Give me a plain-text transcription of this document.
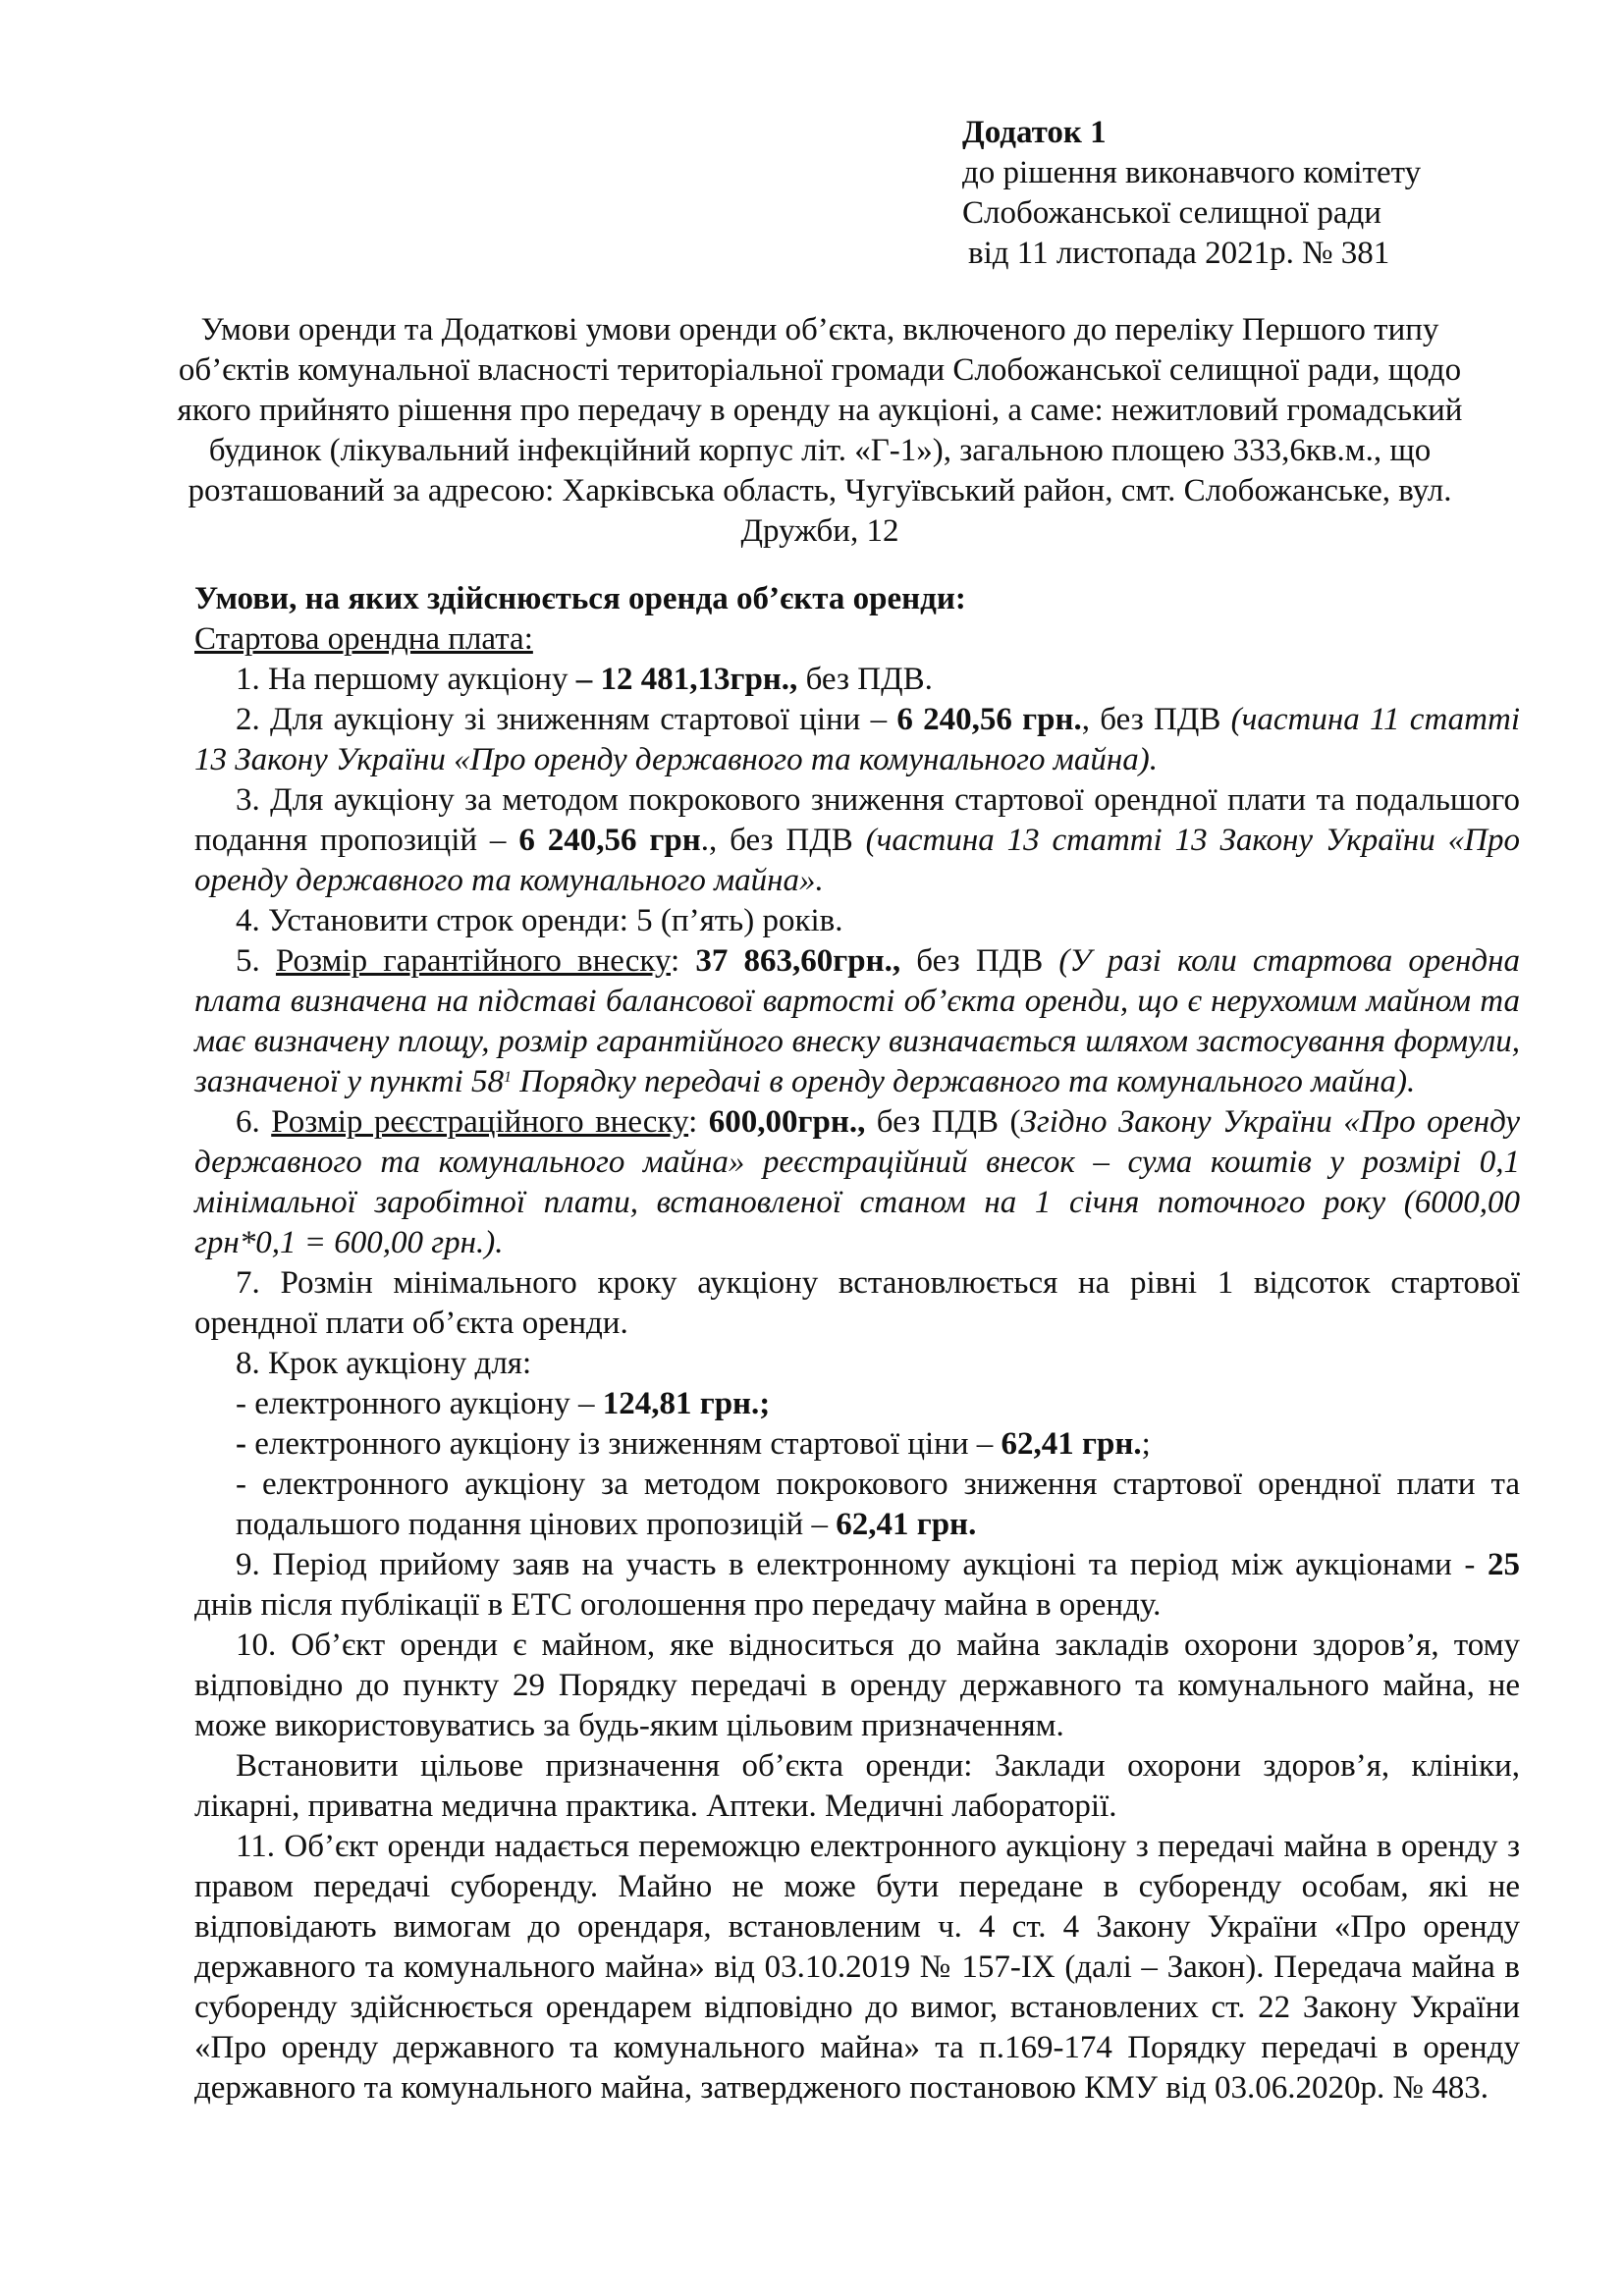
Додаток 1
до рішення виконавчого комітету
Слобожанської селищної ради
від 11 листопада 2021р. № 381
Умови оренди та Додаткові умови оренди об’єкта, включеного до переліку Першого типу об’єктів комунальної власності територіальної громади Слобожанської селищної ради, щодо якого прийнято рішення про передачу в оренду на аукціоні, а саме: нежитловий громадський будинок (лікувальний інфекційний корпус літ. «Г-1»), загальною площею 333,6кв.м., що розташований за адресою: Харківська область, Чугуївський район, смт. Слобожанське, вул. Дружби, 12

Умови, на яких здійснюється оренда об’єкта оренди:

Стартова орендна плата:

1. На першому аукціону – 12 481,13грн., без ПДВ.

2. Для аукціону зі зниженням стартової ціни – 6 240,56 грн., без ПДВ (частина 11 статті 13 Закону України «Про оренду державного та комунального майна).

3. Для аукціону за методом покрокового зниження стартової орендної плати та подальшого подання пропозицій – 6 240,56 грн., без ПДВ (частина 13 статті 13 Закону України «Про оренду державного та комунального майна».

4. Установити строк оренди: 5 (п’ять) років.

5. Розмір гарантійного внеску: 37 863,60грн., без ПДВ (У разі коли стартова орендна плата визначена на підставі балансової вартості об’єкта оренди, що є нерухомим майном та має визначену площу, розмір гарантійного внеску визначається шляхом застосування формули, зазначеної у пункті $58^1$ Порядку передачі в оренду державного та комунального майна).

6. Розмір реєстраційного внеску: 600,00грн., без ПДВ (Згідно Закону України «Про оренду державного та комунального майна» реєстраційний внесок – сума коштів у розмірі 0,1 мінімальної заробітної плати, встановленої станом на 1 січня поточного року (6000,00 грн*0,1 = 600,00 грн.).

7. Розмін мінімального кроку аукціону встановлюється на рівні 1 відсоток стартової орендної плати об’єкта оренди.

8. Крок аукціону для:

- електронного аукціону – 124,81 грн.;

- електронного аукціону із зниженням стартової ціни – 62,41 грн.;

- електронного аукціону за методом покрокового зниження стартової орендної плати та подальшого подання цінових пропозицій – 62,41 грн.

9. Період прийому заяв на участь в електронному аукціоні та період між аукціонами - 25 днів після публікації в ЕТС оголошення про передачу майна в оренду.

10. Об’єкт оренди є майном, яке відноситься до майна закладів охорони здоров’я, тому відповідно до пункту 29 Порядку передачі в оренду державного та комунального майна, не може використовуватись за будь-яким цільовим призначенням.

Встановити цільове призначення об’єкта оренди: Заклади охорони здоров’я, клініки, лікарні, приватна медична практика. Аптеки. Медичні лабораторії.

11. Об’єкт оренди надається переможцю електронного аукціону з передачі майна в оренду з правом передачі суборенду. Майно не може бути передане в суборенду особам, які не відповідають вимогам до орендаря, встановленим ч. 4 ст. 4 Закону України «Про оренду державного та комунального майна» від 03.10.2019 № 157-IX (далі – Закон). Передача майна в суборенду здійснюється орендарем відповідно до вимог, встановлених ст. 22 Закону України «Про оренду державного та комунального майна» та п.169-174 Порядку передачі в оренду державного та комунального майна, затвердженого постановою КМУ від 03.06.2020р. № 483.
